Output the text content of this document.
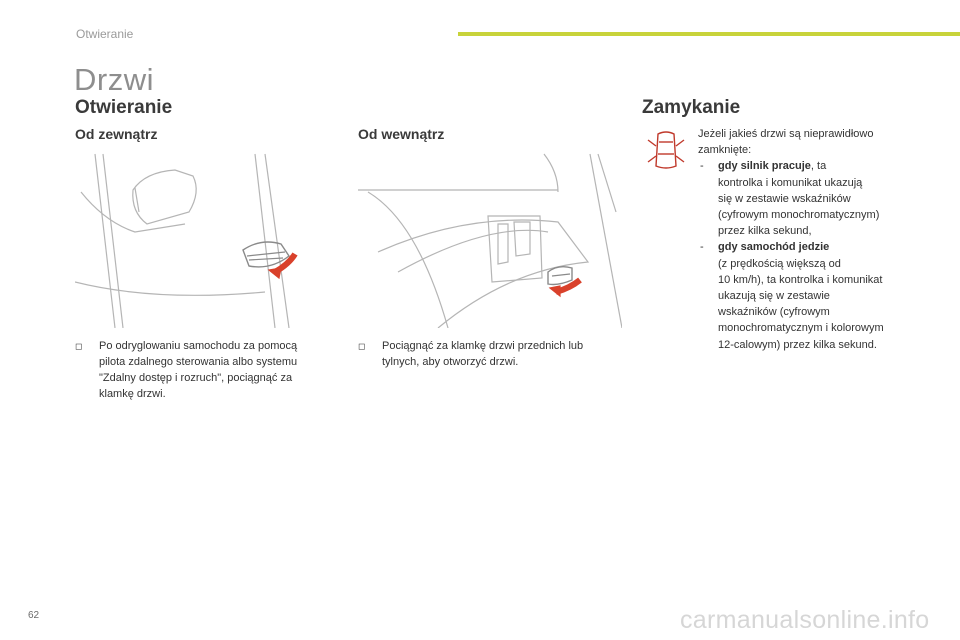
Otwieranie
Drzwi
Otwieranie
Od zewnątrz	Od wewnątrz
◻ Po odryglowaniu samochodu za pomocą
pilota zdalnego sterowania albo systemu
"Zdalny dostęp i rozruch", pociągnąć za
klamkę drzwi.
◻ Pociągnąć za klamkę drzwi przednich lub
tylnych, aby otworzyć drzwi.
Zamykanie
Jeżeli jakieś drzwi są nieprawidłowo
zamknięte:
- gdy silnik pracuje, ta
kontrolka i komunikat ukazują
się w zestawie wskaźników
(cyfrowym monochromatycznym)
przez kilka sekund,
- gdy samochód jedzie
(z prędkością większą od
10 km/h), ta kontrolka i komunikat
ukazują się w zestawie
wskaźników (cyfrowym
monochromatycznym i kolorowym
12-calowym) przez kilka sekund.
62	carmanualsonline.info
